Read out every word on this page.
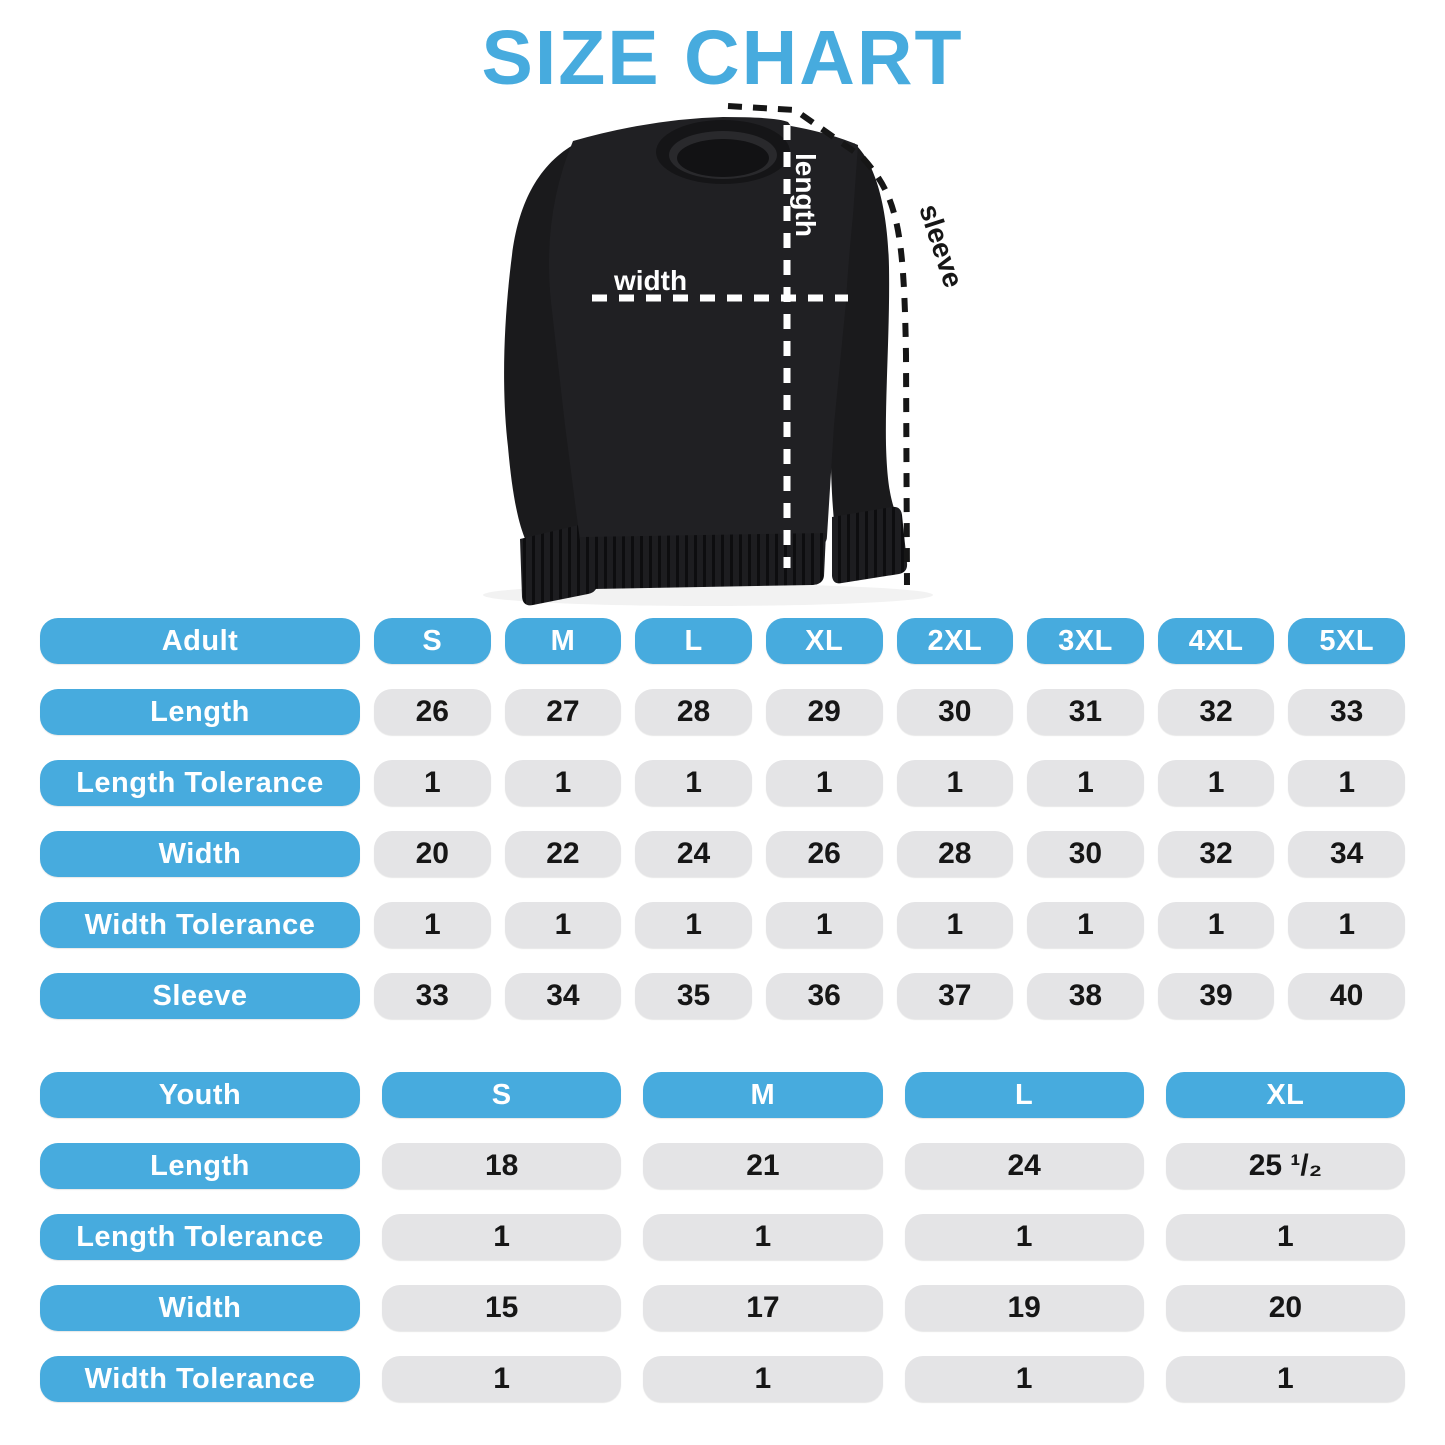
SIZE CHART
width
length
sleeve
Adult	S	M	L	XL	2XL	3XL	4XL	5XL
Length	26	27	28	29	30	31	32	33
Length Tolerance	1	1	1	1	1	1	1	1
Width	20	22	24	26	28	30	32	34
Width Tolerance	1	1	1	1	1	1	1	1
Sleeve	33	34	35	36	37	38	39	40
Youth	S	M	L	XL
Length	18	21	24	25 ¹/₂
Length Tolerance	1	1	1	1
Width	15	17	19	20
Width Tolerance	1	1	1	1
